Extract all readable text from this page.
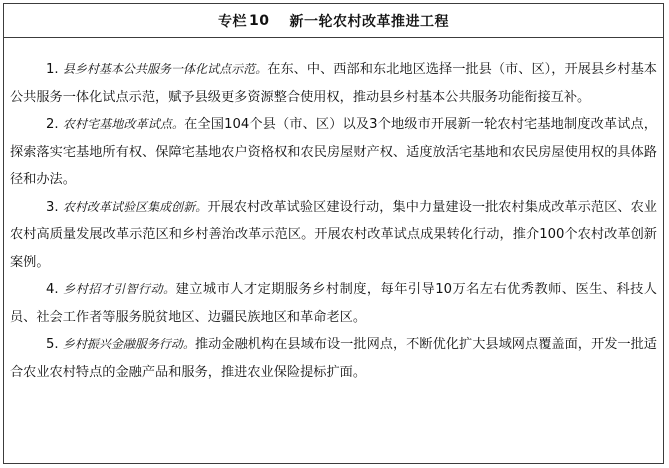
专栏 10 新一轮农村改革推进工程

1. 县乡村基本公共服务一体化试点示范。在东、中、西部和东北地区选择一批县（市、区），开展县乡村基本公共服务一体化试点示范，赋予县级更多资源整合使用权，推动县乡村基本公共服务功能衔接互补。

2. 农村宅基地改革试点。在全国104个县（市、区）以及3个地级市开展新一轮农村宅基地制度改革试点，探索落实宅基地所有权、保障宅基地农户资格权和农民房屋财产权、适度放活宅基地和农民房屋使用权的具体路径和办法。

3. 农村改革试验区集成创新。开展农村改革试验区建设行动，集中力量建设一批农村集成改革示范区、农业农村高质量发展改革示范区和乡村善治改革示范区。开展农村改革试点成果转化行动，推介100个农村改革创新案例。

4. 乡村招才引智行动。建立城市人才定期服务乡村制度，每年引导10万名左右优秀教师、医生、科技人员、社会工作者等服务脱贫地区、边疆民族地区和革命老区。

5. 乡村振兴金融服务行动。推动金融机构在县域布设一批网点，不断优化扩大县域网点覆盖面，开发一批适合农业农村特点的金融产品和服务，推进农业保险提标扩面。
